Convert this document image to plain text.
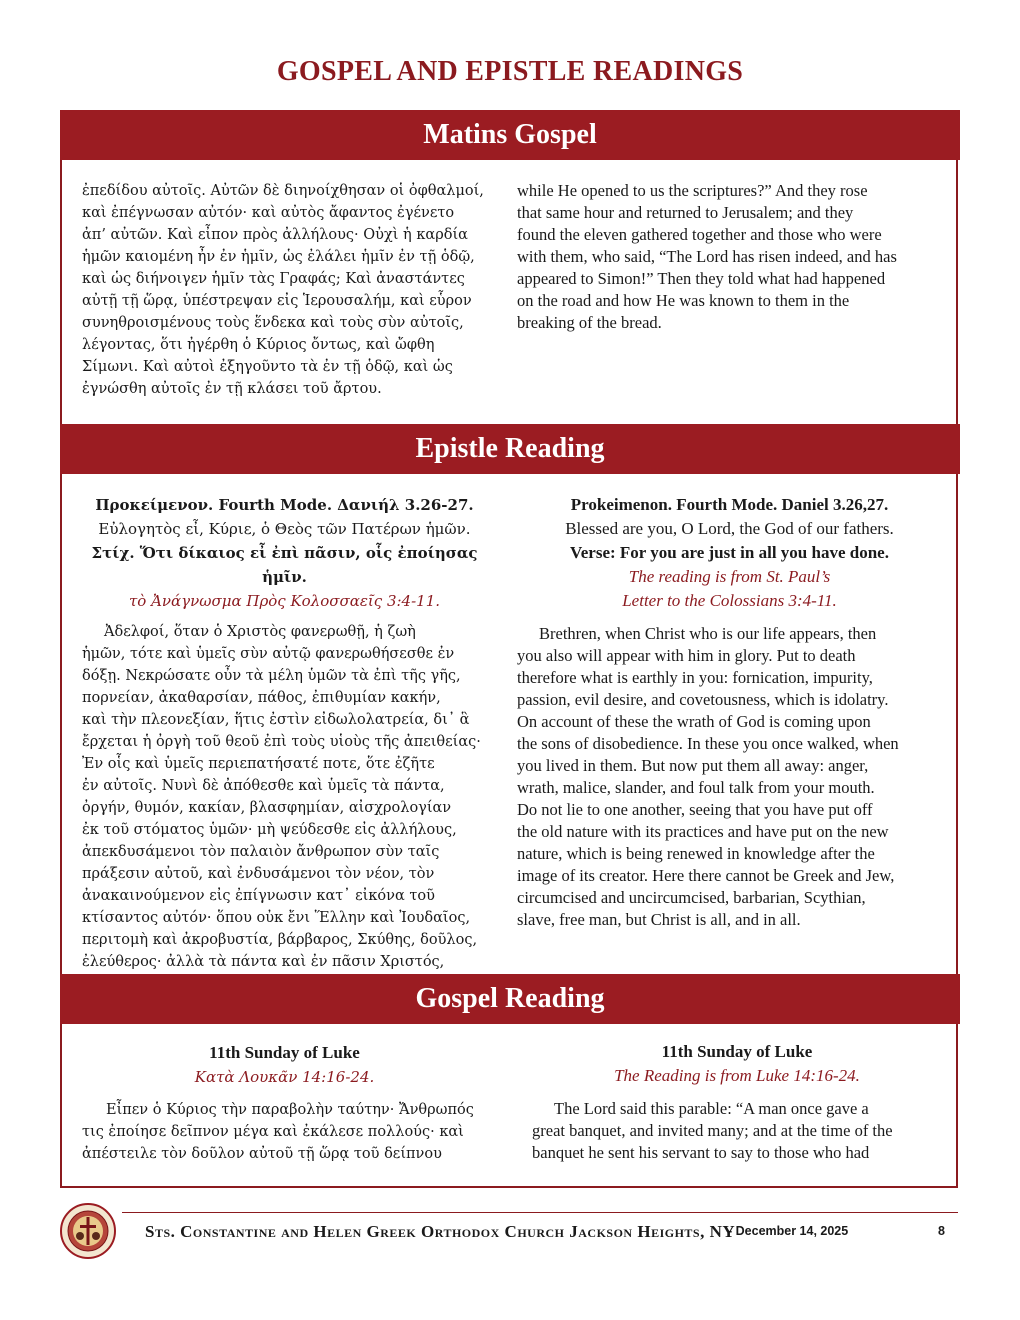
GOSPEL AND EPISTLE READINGS
Matins Gospel

ἐπεδίδου αὐτοῖς. Αὐτῶν δὲ διηνοίχθησαν οἱ ὀφθαλμοί,

καὶ ἐπέγνωσαν αὐτόν· καὶ αὐτὸς ἄφαντος ἐγένετο

ἀπ’ αὐτῶν. Καὶ εἶπον πρὸς ἀλλήλους· Οὐχὶ ἡ καρδία

ἡμῶν καιομένη ἦν ἐν ἡμῖν, ὡς ἐλάλει ἡμῖν ἐν τῇ ὁδῷ,

καὶ ὡς διήνοιγεν ἡμῖν τὰς Γραφάς; Καὶ ἀναστάντες

αὐτῇ τῇ ὥρᾳ, ὑπέστρεψαν εἰς Ἱερουσαλήμ, καὶ εὗρον

συνηθροισμένους τοὺς ἕνδεκα καὶ τοὺς σὺν αὐτοῖς,

λέγοντας, ὅτι ἠγέρθη ὁ Κύριος ὄντως, καὶ ὤφθη

Σίμωνι. Καὶ αὐτοὶ ἐξηγοῦντο τὰ ἐν τῇ ὁδῷ, καὶ ὡς

ἐγνώσθη αὐτοῖς ἐν τῇ κλάσει τοῦ ἄρτου.

while He opened to us the scriptures?” And they rose

that same hour and returned to Jerusalem; and they

found the eleven gathered together and those who were

with them, who said, “The Lord has risen indeed, and has

appeared to Simon!” Then they told what had happened

on the road and how He was known to them in the

breaking of the bread.

Epistle Reading

Προκείμενον. Fourth Mode. Δανιήλ 3.26-27.

Εὐλογητὸς εἶ, Κύριε, ὁ Θεὸς τῶν Πατέρων ἡμῶν.

Στίχ. Ὅτι δίκαιος εἶ ἐπὶ πᾶσιν, οἷς ἐποίησας ἡμῖν.

τὸ Ἀνάγνωσμα Πρὸς Κολοσσαεῖς 3:4-11.

Ἀδελφοί, ὅταν ὁ Χριστὸς φανερωθῇ, ἡ ζωὴ

ἡμῶν, τότε καὶ ὑμεῖς σὺν αὐτῷ φανερωθήσεσθε ἐν

δόξῃ. Νεκρώσατε οὖν τὰ μέλη ὑμῶν τὰ ἐπὶ τῆς γῆς,

πορνείαν, ἀκαθαρσίαν, πάθος, ἐπιθυμίαν κακήν,

καὶ τὴν πλεονεξίαν, ἥτις ἐστὶν εἰδωλολατρεία, δι᾿ ἃ

ἔρχεται ἡ ὀργὴ τοῦ θεοῦ ἐπὶ τοὺς υἱοὺς τῆς ἀπειθείας·

Ἐν οἷς καὶ ὑμεῖς περιεπατήσατέ ποτε, ὅτε ἐζῆτε

ἐν αὐτοῖς. Νυνὶ δὲ ἀπόθεσθε καὶ ὑμεῖς τὰ πάντα,

ὀργήν, θυμόν, κακίαν, βλασφημίαν, αἰσχρολογίαν

ἐκ τοῦ στόματος ὑμῶν· μὴ ψεύδεσθε εἰς ἀλλήλους,

ἀπεκδυσάμενοι τὸν παλαιὸν ἄνθρωπον σὺν ταῖς

πράξεσιν αὐτοῦ, καὶ ἐνδυσάμενοι τὸν νέον, τὸν

ἀνακαινούμενον εἰς ἐπίγνωσιν κατ᾿ εἰκόνα τοῦ

κτίσαντος αὐτόν· ὅπου οὐκ ἔνι Ἕλλην καὶ Ἰουδαῖος,

περιτομὴ καὶ ἀκροβυστία, βάρβαρος, Σκύθης, δοῦλος,

ἐλεύθερος· ἀλλὰ τὰ πάντα καὶ ἐν πᾶσιν Χριστός,

Prokeimenon. Fourth Mode. Daniel 3.26,27.

Blessed are you, O Lord, the God of our fathers.

Verse: For you are just in all you have done.

The reading is from St. Paul’s

Letter to the Colossians 3:4-11.

Brethren, when Christ who is our life appears, then

you also will appear with him in glory. Put to death

therefore what is earthly in you: fornication, impurity,

passion, evil desire, and covetousness, which is idolatry.

On account of these the wrath of God is coming upon

the sons of disobedience. In these you once walked, when

you lived in them. But now put them all away: anger,

wrath, malice, slander, and foul talk from your mouth.

Do not lie to one another, seeing that you have put off

the old nature with its practices and have put on the new

nature, which is being renewed in knowledge after the

image of its creator. Here there cannot be Greek and Jew,

circumcised and uncircumcised, barbarian, Scythian,

slave, free man, but Christ is all, and in all.

Gospel Reading

11th Sunday of Luke

Κατὰ Λουκᾶν 14:16-24.

Εἶπεν ὁ Κύριος τὴν παραβολὴν ταύτην· Ἄνθρωπός

τις ἐποίησε δεῖπνον μέγα καὶ ἐκάλεσε πολλούς· καὶ

ἀπέστειλε τὸν δοῦλον αὐτοῦ τῇ ὥρᾳ τοῦ δείπνου

11th Sunday of Luke

The Reading is from Luke 14:16-24.

The Lord said this parable: “A man once gave a

great banquet, and invited many; and at the time of the

banquet he sent his servant to say to those who had

Sts. Constantine and Helen Greek Orthodox Church Jackson Heights, NY
- December 14, 2025	8
